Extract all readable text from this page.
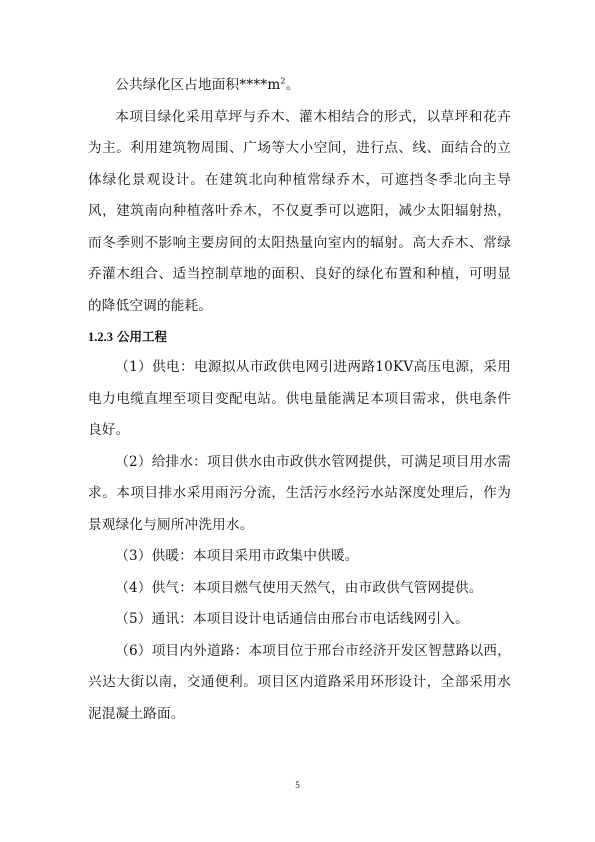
公共绿化区占地面积$****m^2$。

本项目绿化采用草坪与乔木、灌木相结合的形式，以草坪和花卉为主。利用建筑物周围、广场等大小空间，进行点、线、面结合的立体绿化景观设计。在建筑北向种植常绿乔木，可遮挡冬季北向主导风，建筑南向种植落叶乔木，不仅夏季可以遮阳，减少太阳辐射热，而冬季则不影响主要房间的太阳热量向室内的辐射。高大乔木、常绿乔灌木组合、适当控制草地的面积、良好的绿化布置和种植，可明显的降低空调的能耗。

1.2.3 公用工程

（1）供电：电源拟从市政供电网引进两路10KV高压电源，采用电力电缆直埋至项目变配电站。供电量能满足本项目需求，供电条件良好。

（2）给排水：项目供水由市政供水管网提供，可满足项目用水需求。本项目排水采用雨污分流，生活污水经污水站深度处理后，作为景观绿化与厕所冲洗用水。

（3）供暖：本项目采用市政集中供暖。

（4）供气：本项目燃气使用天然气，由市政供气管网提供。

（5）通讯：本项目设计电话通信由邢台市电话线网引入。

（6）项目内外道路：本项目位于邢台市经济开发区智慧路以西，兴达大街以南，交通便利。项目区内道路采用环形设计，全部采用水泥混凝土路面。

5
